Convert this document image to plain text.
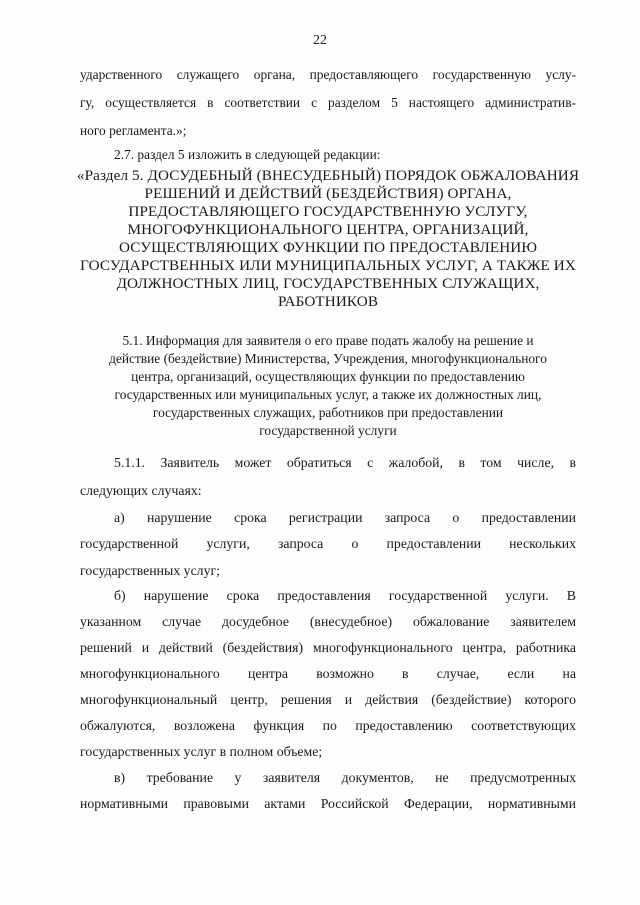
22
ударственного служащего органа, предоставляющего государственную услу-
гу, осуществляется в соответствии с разделом 5 настоящего административ-
ного регламента.»;
2.7. раздел 5 изложить в следующей редакции:
«Раздел 5. ДОСУДЕБНЫЙ (ВНЕСУДЕБНЫЙ) ПОРЯДОК ОБЖАЛОВАНИЯ
РЕШЕНИЙ И ДЕЙСТВИЙ (БЕЗДЕЙСТВИЯ) ОРГАНА,
ПРЕДОСТАВЛЯЮЩЕГО ГОСУДАРСТВЕННУЮ УСЛУГУ,
МНОГОФУНКЦИОНАЛЬНОГО ЦЕНТРА, ОРГАНИЗАЦИЙ,
ОСУЩЕСТВЛЯЮЩИХ ФУНКЦИИ ПО ПРЕДОСТАВЛЕНИЮ
ГОСУДАРСТВЕННЫХ ИЛИ МУНИЦИПАЛЬНЫХ УСЛУГ, А ТАКЖЕ ИХ
ДОЛЖНОСТНЫХ ЛИЦ, ГОСУДАРСТВЕННЫХ СЛУЖАЩИХ,
РАБОТНИКОВ
5.1. Информация для заявителя о его праве подать жалобу на решение и
действие (бездействие) Министерства, Учреждения, многофункционального
центра, организаций, осуществляющих функции по предоставлению
государственных или муниципальных услуг, а также их должностных лиц,
государственных служащих, работников при предоставлении
государственной услуги
5.1.1. Заявитель может обратиться с жалобой, в том числе, в
следующих случаях:
а) нарушение срока регистрации запроса о предоставлении
государственной услуги, запроса о предоставлении нескольких
государственных услуг;
б) нарушение срока предоставления государственной услуги. В
указанном случае досудебное (внесудебное) обжалование заявителем
решений и действий (бездействия) многофункционального центра, работника
многофункционального центра возможно в случае, если на
многофункциональный центр, решения и действия (бездействие) которого
обжалуются, возложена функция по предоставлению соответствующих
государственных услуг в полном объеме;
в) требование у заявителя документов, не предусмотренных
нормативными правовыми актами Российской Федерации, нормативными
